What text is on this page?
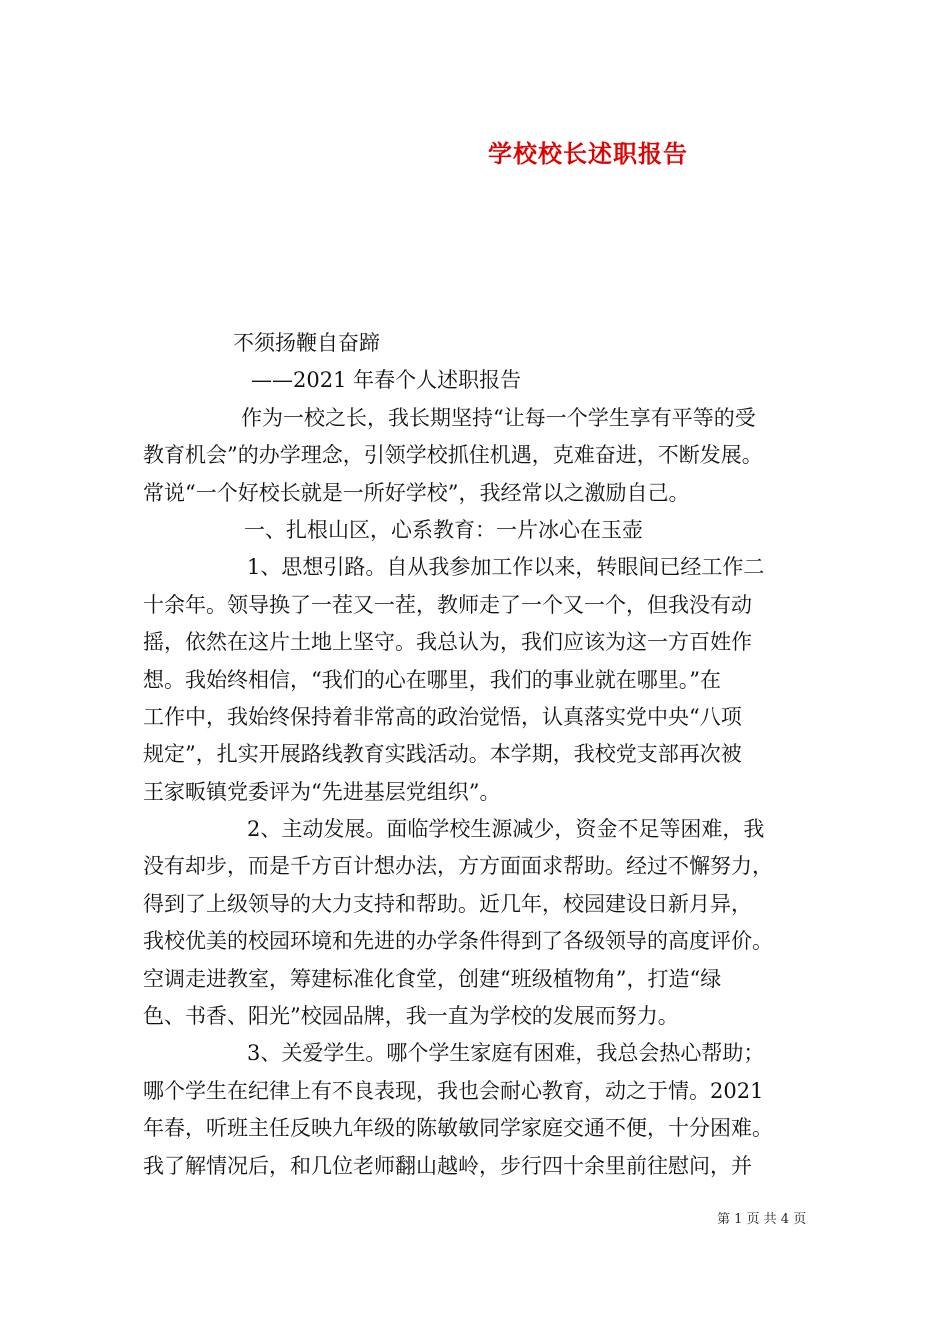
学校校长述职报告
不须扬鞭自奋蹄
——2021 年春个人述职报告
作为一校之长，我长期坚持“让每一个学生享有平等的受
教育机会”的办学理念，引领学校抓住机遇，克难奋进，不断发展。
常说“一个好校长就是一所好学校”，我经常以之激励自己。
一、扎根山区，心系教育：一片冰心在玉壶
1、思想引路。自从我参加工作以来，转眼间已经工作二
十余年。领导换了一茬又一茬，教师走了一个又一个，但我没有动
摇，依然在这片土地上坚守。我总认为，我们应该为这一方百姓作
想。我始终相信，“我们的心在哪里，我们的事业就在哪里。”在
工作中，我始终保持着非常高的政治觉悟，认真落实党中央“八项
规定”，扎实开展路线教育实践活动。本学期，我校党支部再次被
王家畈镇党委评为“先进基层党组织”。
2、主动发展。面临学校生源减少，资金不足等困难，我
没有却步，而是千方百计想办法，方方面面求帮助。经过不懈努力，
得到了上级领导的大力支持和帮助。近几年，校园建设日新月异，
我校优美的校园环境和先进的办学条件得到了各级领导的高度评价。
空调走进教室，筹建标准化食堂，创建“班级植物角”，打造“绿
色、书香、阳光”校园品牌，我一直为学校的发展而努力。
3、关爱学生。哪个学生家庭有困难，我总会热心帮助；
哪个学生在纪律上有不良表现，我也会耐心教育，动之于情。2021
年春，听班主任反映九年级的陈敏敏同学家庭交通不便，十分困难。
我了解情况后，和几位老师翻山越岭，步行四十余里前往慰问，并
第 1 页 共 4 页
